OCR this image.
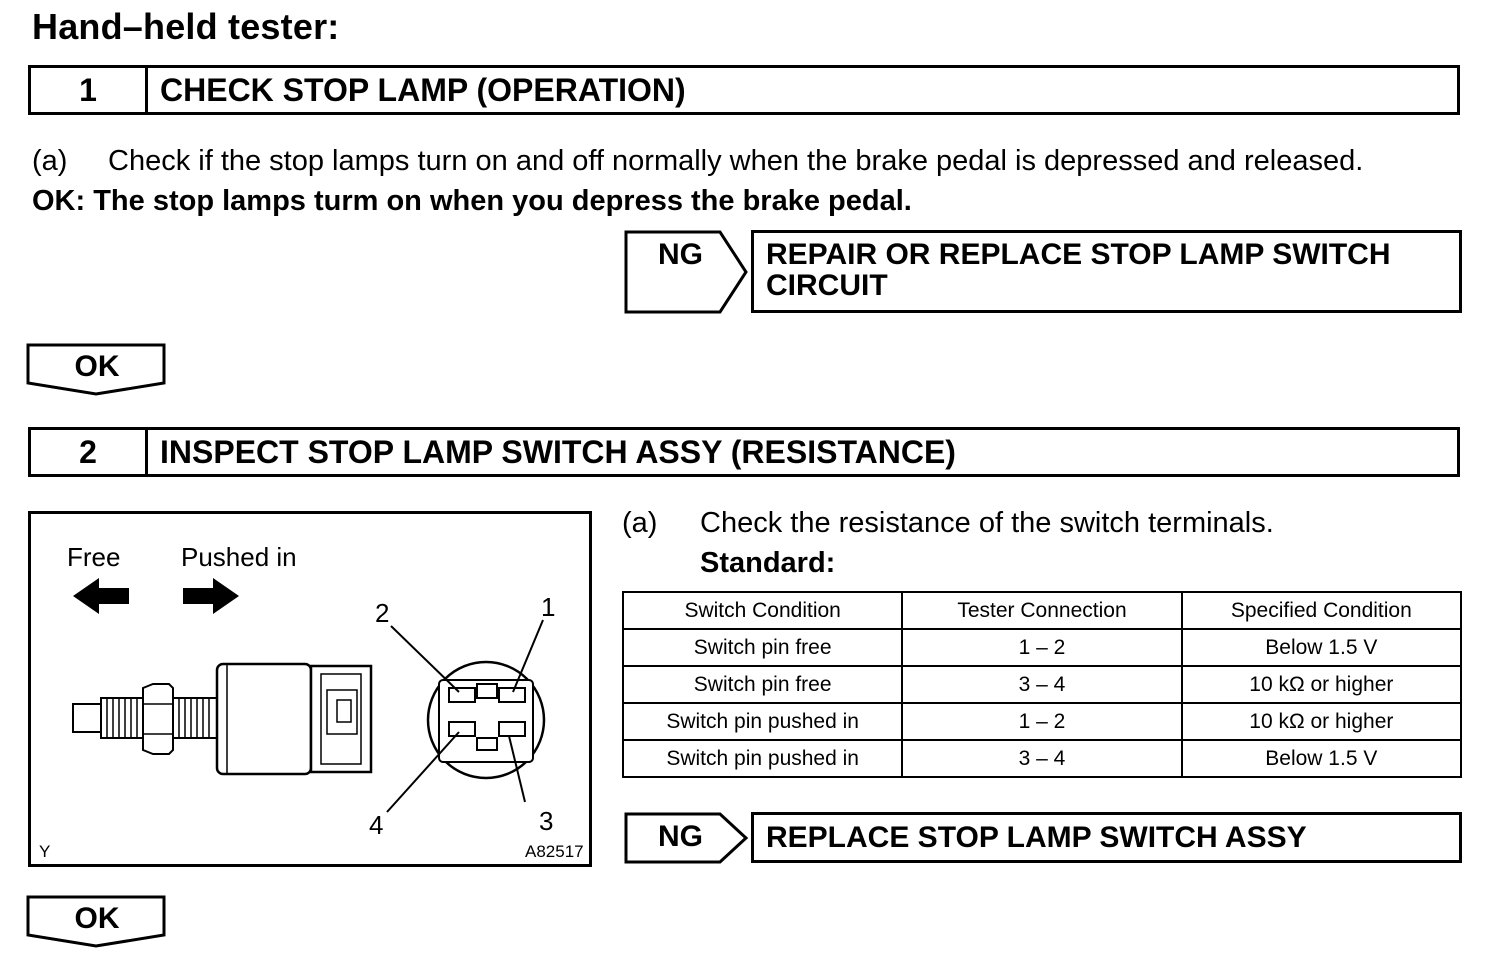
Hand–held tester:
1	CHECK STOP LAMP (OPERATION)
(a) Check if the stop lamps turn on and off normally when the brake pedal is depressed and released.
OK: The stop lamps turm on when you depress the brake pedal.
NG REPAIR OR REPLACE STOP LAMP SWITCH
CIRCUIT
OK
2	INSPECT STOP LAMP SWITCH ASSY (RESISTANCE)
Free Pushed in
2	1
4	3
Y	A82517
(a) Check the resistance of the switch terminals.
Standard:
Switch Condition	Tester Connection	Specified Condition
Switch pin free	1 – 2	Below 1.5 V
Switch pin free	3 – 4	10 kΩ or higher
Switch pin pushed in	1 – 2	10 kΩ or higher
Switch pin pushed in	3 – 4	Below 1.5 V
NG REPLACE STOP LAMP SWITCH ASSY
OK
